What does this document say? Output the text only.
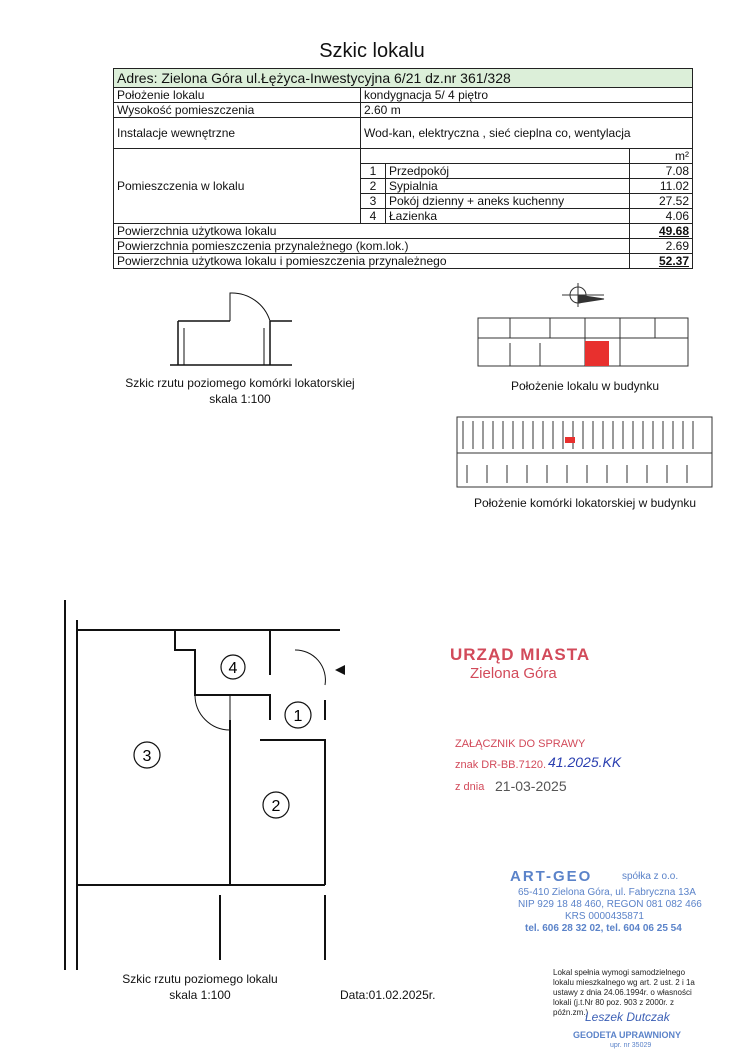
Szkic lokalu
Adres: Zielona Góra ul.Łężyca-Inwestycyjna 6/21 dz.nr 361/328			
Położenie lokalu	kondygnacja 5/ 4 piętro		
Wysokość pomieszczenia	2.60 m		
Instalacje wewnętrzne	Wod-kan, elektryczna , sieć cieplna co, wentylacja		
Pomieszczenia w lokalu			m²
	1	Przedpokój	7.08
	2	Sypialnia	11.02
	3	Pokój dzienny + aneks kuchenny	27.52
	4	Łazienka	4.06
Powierzchnia użytkowa lokalu			49.68
Powierzchnia pomieszczenia przynależnego (kom.lok.)			2.69
Powierzchnia użytkowa lokalu i pomieszczenia przynależnego			52.37
Szkic rzutu poziomego komórki lokatorskiej
skala 1:100
Położenie lokalu w budynku
Położenie komórki lokatorskiej w budynku
3
4
1
2
Szkic rzutu poziomego lokalu
skala 1:100	Data:01.02.2025r.
URZĄD MIASTA
Zielona Góra
ZAŁĄCZNIK DO SPRAWY
znak DR-BB.7120. 41.2025.KK
z dnia 21-03-2025
ART-GEO	spółka z o.o.
65-410 Zielona Góra, ul. Fabryczna 13A
NIP 929 18 48 460, REGON 081 082 466
KRS 0000435871
tel. 606 28 32 02, tel. 604 06 25 54
Lokal spełnia wymogi samodzielnego lokalu mieszkalnego wg art. 2 ust. 2 i 1a ustawy z dnia 24.06.1994r. o własności lokali (j.t.Nr 80 poz. 903 z 2000r. z późn.zm.)
Leszek Dutczak
GEODETA UPRAWNIONY
upr. nr 35029
